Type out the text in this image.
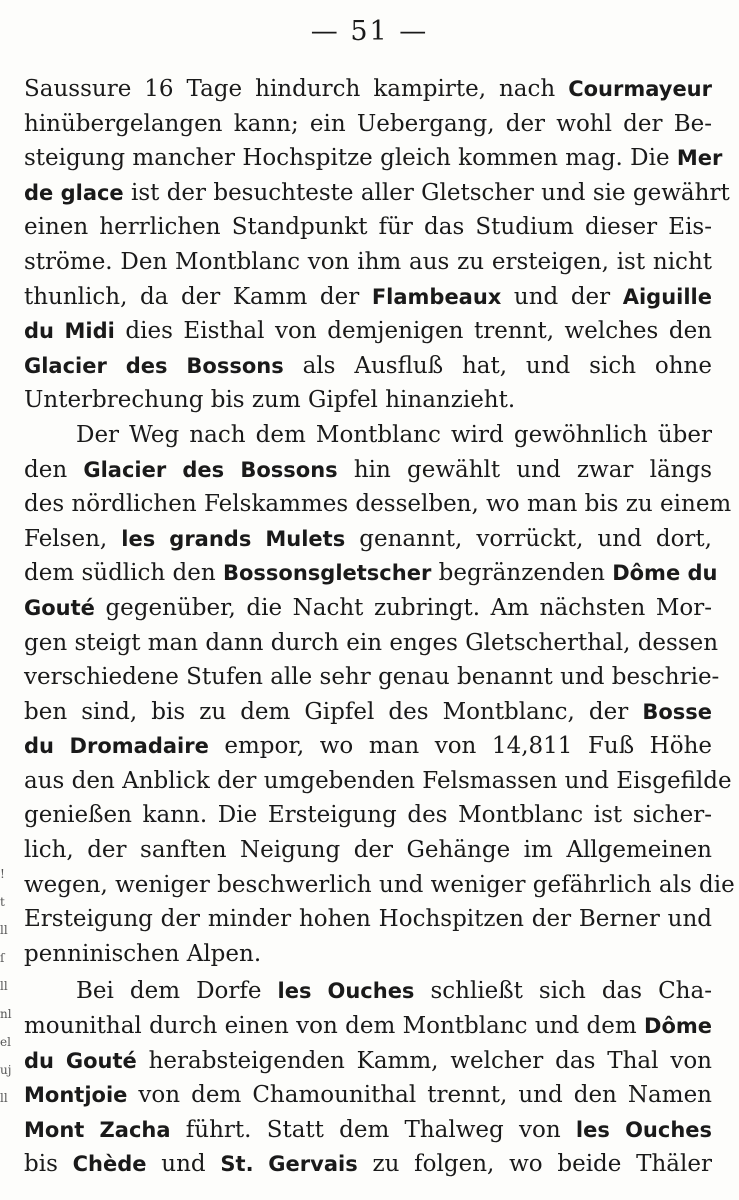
— 51 —
Saussure 16 Tage hindurch kampirte, nach Courmayeur
hinübergelangen kann; ein Uebergang, der wohl der Be-
steigung mancher Hochspitze gleich kommen mag. Die Mer
de glace ist der besuchteste aller Gletscher und sie gewährt
einen herrlichen Standpunkt für das Studium dieser Eis-
ströme. Den Montblanc von ihm aus zu ersteigen, ist nicht
thunlich, da der Kamm der Flambeaux und der Aiguille
du Midi dies Eisthal von demjenigen trennt, welches den
Glacier des Bossons als Ausfluß hat, und sich ohne
Unterbrechung bis zum Gipfel hinanzieht.
Der Weg nach dem Montblanc wird gewöhnlich über
den Glacier des Bossons hin gewählt und zwar längs
des nördlichen Felskammes desselben, wo man bis zu einem
Felsen, les grands Mulets genannt, vorrückt, und dort,
dem südlich den Bossonsgletscher begränzenden Dôme du
Gouté gegenüber, die Nacht zubringt. Am nächsten Mor-
gen steigt man dann durch ein enges Gletscherthal, dessen
verschiedene Stufen alle sehr genau benannt und beschrie-
ben sind, bis zu dem Gipfel des Montblanc, der Bosse
du Dromadaire empor, wo man von 14,811 Fuß Höhe
aus den Anblick der umgebenden Felsmassen und Eisgefilde
genießen kann. Die Ersteigung des Montblanc ist sicher-
lich, der sanften Neigung der Gehänge im Allgemeinen
wegen, weniger beschwerlich und weniger gefährlich als die
Ersteigung der minder hohen Hochspitzen der Berner und
penninischen Alpen.
Bei dem Dorfe les Ouches schließt sich das Cha-
mounithal durch einen von dem Montblanc und dem Dôme
du Gouté herabsteigenden Kamm, welcher das Thal von
Montjoie von dem Chamounithal trennt, und den Namen
Mont Zacha führt. Statt dem Thalweg von les Ouches
bis Chède und St. Gervais zu folgen, wo beide Thäler
!
t
ll
ſ
ll
nl
el
uj
ll
